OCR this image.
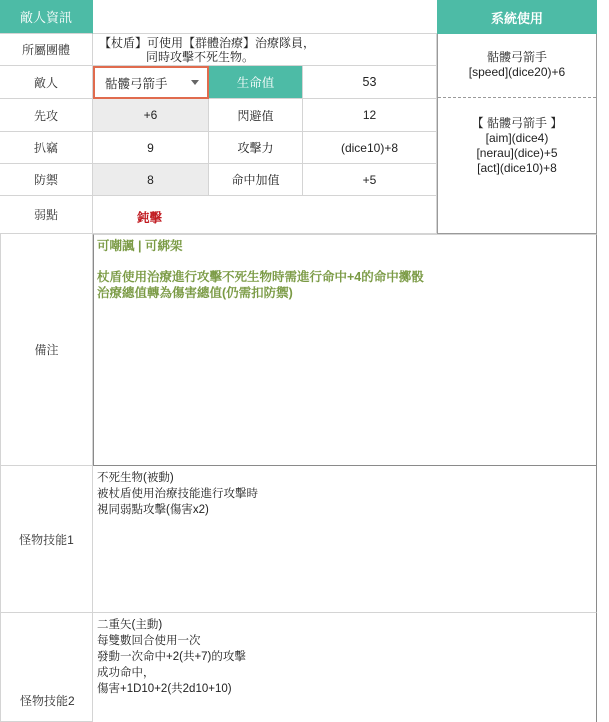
敵人資訊	系統使用
所屬團體 【杖盾】可使用【群體治療】治療隊員，
同時攻擊不死生物。
敵人	骷髏弓箭手	生命值	53
先攻	+6	閃避值	12
扒竊	9	攻擊力	(dice10)+8
防禦	8	命中加值	+5
弱點	鈍擊
骷髏弓箭手
[speed](dice20)+6
【 骷髏弓箭手 】
[aim](dice4)
[nerau](dice)+5
[act](dice10)+8
備注
可嘲諷 | 可綁架
杖盾使用治療進行攻擊不死生物時需進行命中+4的命中擲骰
治療總值轉為傷害總值(仍需扣防禦)
怪物技能1
不死生物(被動)
被杖盾使用治療技能進行攻擊時
視同弱點攻擊(傷害x2)
怪物技能2
二重矢(主動)
每雙數回合使用一次
發動一次命中+2(共+7)的攻擊
成功命中，
傷害+1D10+2(共2d10+10)
